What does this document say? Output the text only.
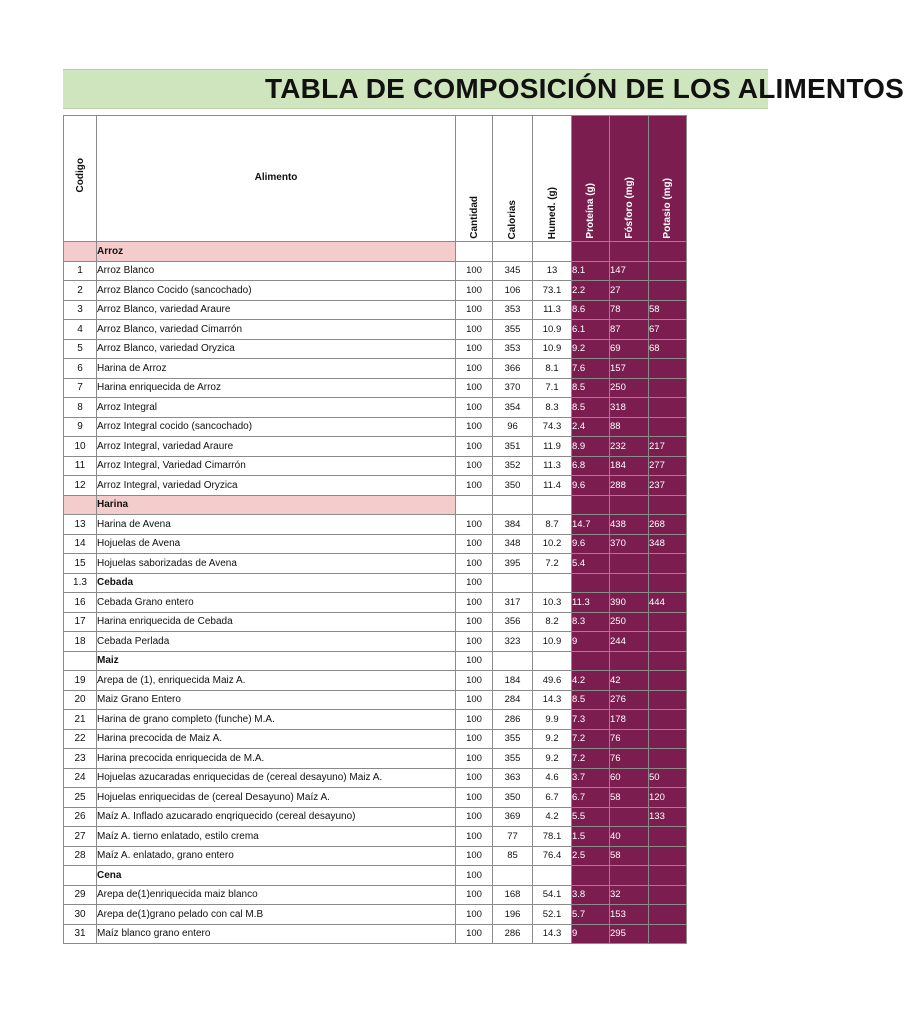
TABLA DE COMPOSICIÓN DE LOS ALIMENTOS
Codigo	Alimento	Cantidad	Calorias	Humed. (g)	Proteína (g)	Fósforo (mg)	Potasio (mg)

	Arroz						
1	Arroz Blanco	100	345	13	8.1	147	
2	Arroz Blanco Cocido (sancochado)	100	106	73.1	2.2	27	
3	Arroz Blanco, variedad Araure	100	353	11.3	8.6	78	58
4	Arroz Blanco, variedad Cimarrón	100	355	10.9	6.1	87	67
5	Arroz Blanco, variedad Oryzica	100	353	10.9	9.2	69	68
6	Harina de Arroz	100	366	8.1	7.6	157	
7	Harina enriquecida de Arroz	100	370	7.1	8.5	250	
8	Arroz Integral	100	354	8.3	8.5	318	
9	Arroz Integral cocido (sancochado)	100	96	74.3	2.4	88	
10	Arroz Integral, variedad Araure	100	351	11.9	8.9	232	217
11	Arroz Integral, Variedad Cimarrón	100	352	11.3	6.8	184	277
12	Arroz Integral, variedad Oryzica	100	350	11.4	9.6	288	237
	Harina						
13	Harina de Avena	100	384	8.7	14.7	438	268
14	Hojuelas de Avena	100	348	10.2	9.6	370	348
15	Hojuelas saborizadas de Avena	100	395	7.2	5.4		
1.3	Cebada	100					
16	Cebada Grano entero	100	317	10.3	11.3	390	444
17	Harina enriquecida de Cebada	100	356	8.2	8.3	250	
18	Cebada Perlada	100	323	10.9	9	244	
	Maiz	100					
19	Arepa de (1), enriquecida Maiz A.	100	184	49.6	4.2	42	
20	Maiz Grano Entero	100	284	14.3	8.5	276	
21	Harina de grano completo (funche) M.A.	100	286	9.9	7.3	178	
22	Harina precocida de Maiz A.	100	355	9.2	7.2	76	
23	Harina precocida enriquecida de M.A.	100	355	9.2	7.2	76	
24	Hojuelas azucaradas enriquecidas de (cereal desayuno) Maiz A.	100	363	4.6	3.7	60	50
25	Hojuelas enriquecidas de (cereal Desayuno) Maíz A.	100	350	6.7	6.7	58	120
26	Maíz A. Inflado azucarado enqriquecido (cereal desayuno)	100	369	4.2	5.5		133
27	Maíz A. tierno enlatado, estilo crema	100	77	78.1	1.5	40	
28	Maíz A. enlatado, grano entero	100	85	76.4	2.5	58	
	Cena	100					
29	Arepa de(1)enriquecida maiz blanco	100	168	54.1	3.8	32	
30	Arepa de(1)grano pelado con cal M.B	100	196	52.1	5.7	153	
31	Maíz blanco grano entero	100	286	14.3	9	295	
